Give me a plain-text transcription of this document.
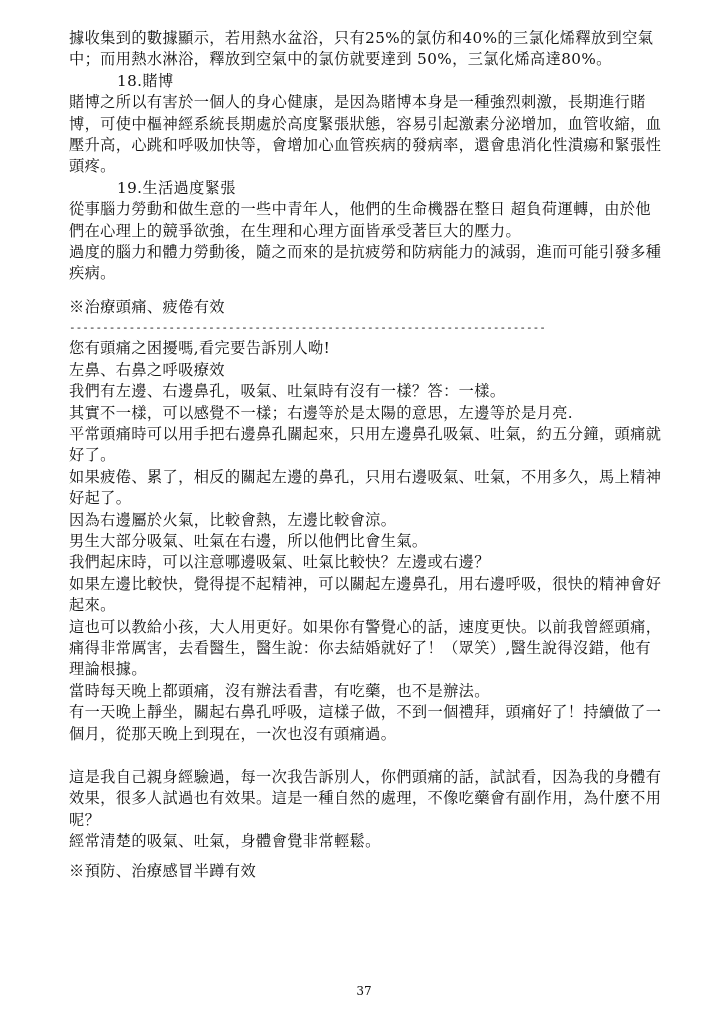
據收集到的數據顯示，若用熱水盆浴，只有25%的氯仿和40%的三氯化烯釋放到空氣中；而用熱水淋浴，釋放到空氣中的氯仿就要達到 50%，三氯化烯高達80%。

18.賭博

賭博之所以有害於一個人的身心健康，是因為賭博本身是一種強烈刺激，長期進行賭博，可使中樞神經系統長期處於高度緊張狀態，容易引起激素分泌增加，血管收縮，血壓升高，心跳和呼吸加快等，會增加心血管疾病的發病率，還會患消化性潰瘍和緊張性頭疼。

19.生活過度緊張

從事腦力勞動和做生意的一些中青年人，他們的生命機器在整日 超負荷運轉，由於他們在心理上的競爭欲強，在生理和心理方面皆承受著巨大的壓力。

過度的腦力和體力勞動後，隨之而來的是抗疲勞和防病能力的減弱，進而可能引發多種疾病。

※治療頭痛、疲倦有效

------------------------------------------------------------------------

您有頭痛之困擾嗎,看完要告訴別人呦!

左鼻、右鼻之呼吸療效

我們有左邊、右邊鼻孔，吸氣、吐氣時有沒有一樣？答：一樣。

其實不一樣，可以感覺不一樣；右邊等於是太陽的意思，左邊等於是月亮.

平常頭痛時可以用手把右邊鼻孔關起來，只用左邊鼻孔吸氣、吐氣，約五分鐘，頭痛就好了。

如果疲倦、累了，相反的關起左邊的鼻孔，只用右邊吸氣、吐氣，不用多久，馬上精神好起了。

因為右邊屬於火氣，比較會熱，左邊比較會涼。

男生大部分吸氣、吐氣在右邊，所以他們比會生氣。

我們起床時，可以注意哪邊吸氣、吐氣比較快？左邊或右邊？

如果左邊比較快，覺得提不起精神，可以關起左邊鼻孔，用右邊呼吸，很快的精神會好起來。

這也可以教給小孩，大人用更好。如果你有警覺心的話，速度更快。以前我曾經頭痛，痛得非常厲害，去看醫生，醫生說：你去結婚就好了！（眾笑）,醫生說得沒錯，他有理論根據。

當時每天晚上都頭痛，沒有辦法看書，有吃藥，也不是辦法。

有一天晚上靜坐，關起右鼻孔呼吸，這樣子做，不到一個禮拜，頭痛好了！持續做了一個月，從那天晚上到現在，一次也沒有頭痛過。

這是我自己親身經驗過，每一次我告訴別人，你們頭痛的話，試試看，因為我的身體有效果，很多人試過也有效果。這是一種自然的處理，不像吃藥會有副作用，為什麼不用呢？

經常清楚的吸氣、吐氣，身體會覺非常輕鬆。

※預防、治療感冒半蹲有效

37
